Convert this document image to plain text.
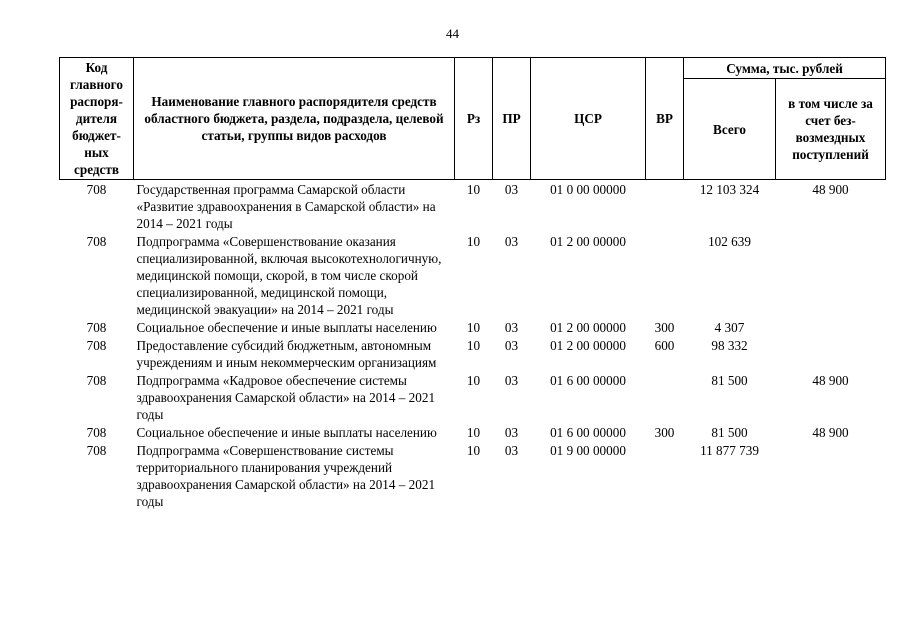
44
Код главного распоря- дителя бюджет- ных средств	Наименование главного распорядителя средств областного бюджета, раздела, подраздела, целевой статьи, группы видов расходов	Рз	ПР	ЦСР	ВР	Сумма, тыс. рублей	
						Всего	в том числе за счет без- возмездных поступлений
708	Государственная программа Самарской области «Развитие здравоохранения в Самарской области» на 2014 – 2021 годы	10	03	01 0 00 00000		12 103 324	48 900
708	Подпрограмма «Совершенствование оказания специализированной, включая высокотехнологичную, медицинской помощи, скорой, в том числе скорой специализированной, медицинской помощи, медицинской эвакуации» на 2014 – 2021 годы	10	03	01 2 00 00000		102 639	
708	Социальное обеспечение и иные выплаты населению	10	03	01 2 00 00000	300	4 307	
708	Предоставление субсидий бюджетным, автономным учреждениям и иным некоммерческим организациям	10	03	01 2 00 00000	600	98 332	
708	Подпрограмма «Кадровое обеспечение системы здравоохранения Самарской области» на 2014 – 2021 годы	10	03	01 6 00 00000		81 500	48 900
708	Социальное обеспечение и иные выплаты населению	10	03	01 6 00 00000	300	81 500	48 900
708	Подпрограмма «Совершенствование системы территориального планирования учреждений здравоохранения Самарской области» на 2014 – 2021 годы	10	03	01 9 00 00000		11 877 739	
